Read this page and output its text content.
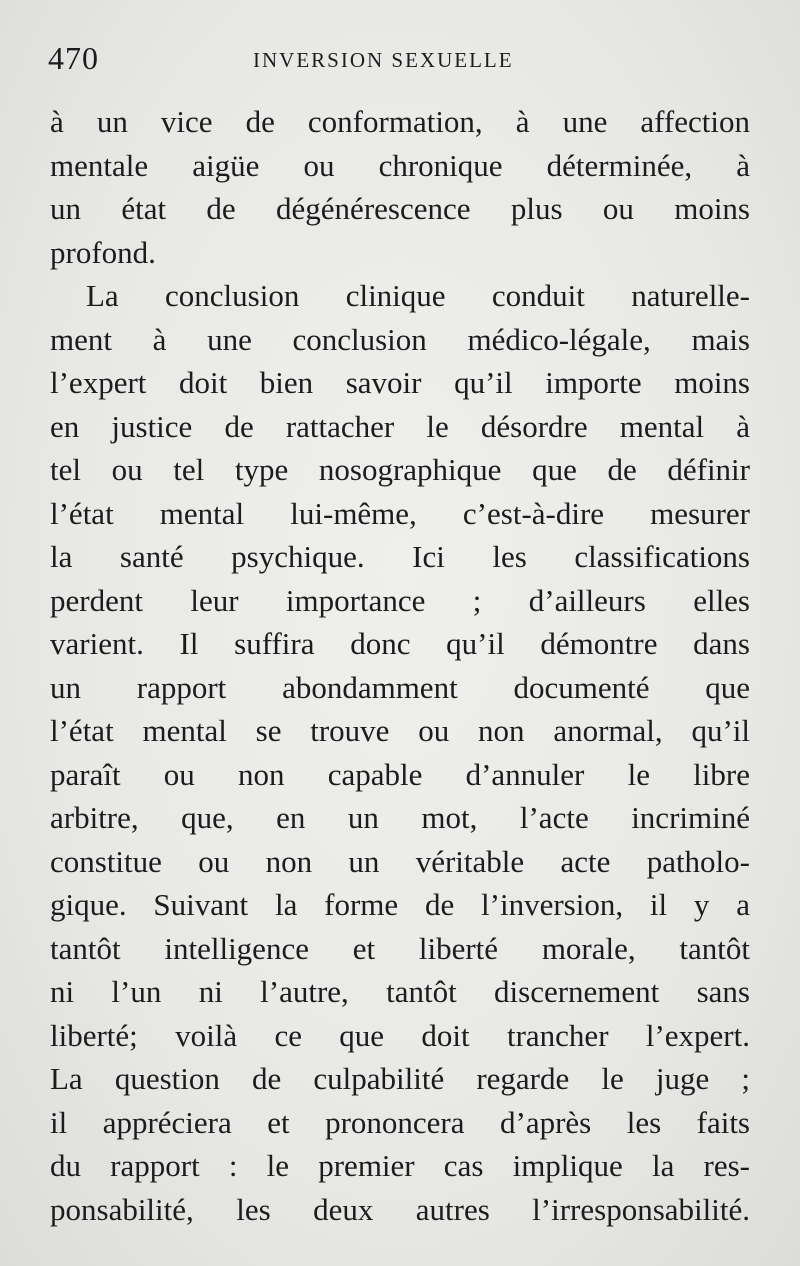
470	INVERSION SEXUELLE
à un vice de conformation, à une affection
mentale aigüe ou chronique déterminée, à
un état de dégénérescence plus ou moins
profond.
La conclusion clinique conduit naturelle-
ment à une conclusion médico-légale, mais
l’expert doit bien savoir qu’il importe moins
en justice de rattacher le désordre mental à
tel ou tel type nosographique que de définir
l’état mental lui-même, c’est-à-dire mesurer
la santé psychique. Ici les classifications
perdent leur importance ; d’ailleurs elles
varient. Il suffira donc qu’il démontre dans
un rapport abondamment documenté que
l’état mental se trouve ou non anormal, qu’il
paraît ou non capable d’annuler le libre
arbitre, que, en un mot, l’acte incriminé
constitue ou non un véritable acte patholo-
gique. Suivant la forme de l’inversion, il y a
tantôt intelligence et liberté morale, tantôt
ni l’un ni l’autre, tantôt discernement sans
liberté; voilà ce que doit trancher l’expert.
La question de culpabilité regarde le juge ;
il appréciera et prononcera d’après les faits
du rapport : le premier cas implique la res-
ponsabilité, les deux autres l’irresponsabilité.
